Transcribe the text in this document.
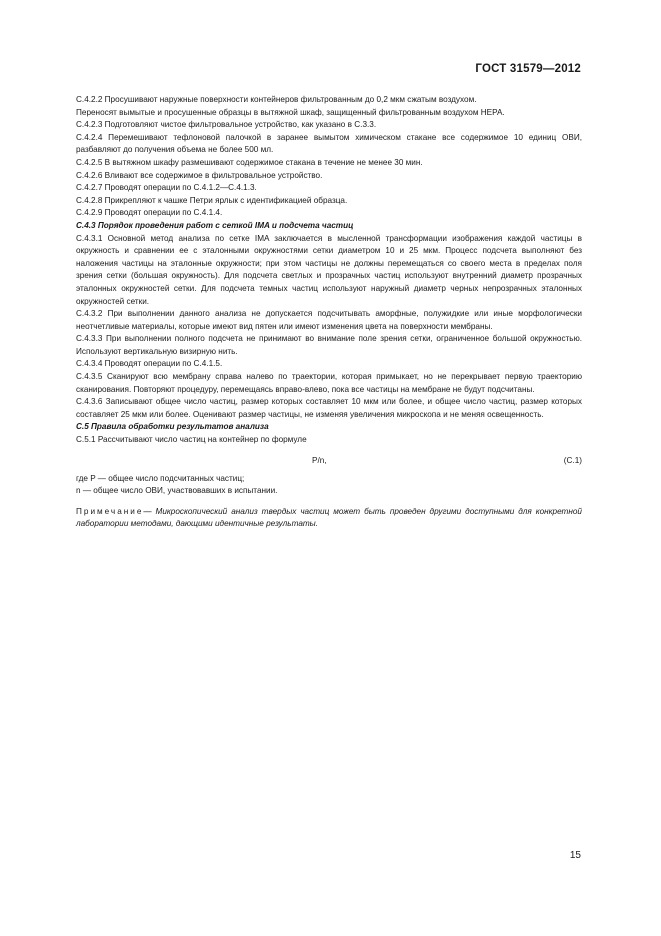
ГОСТ 31579—2012

С.4.2.2 Просушивают наружные поверхности контейнеров фильтрованным до 0,2 мкм сжатым воздухом.

Переносят вымытые и просушенные образцы в вытяжной шкаф, защищенный фильтрованным воздухом HEPA.

С.4.2.3 Подготовляют чистое фильтровальное устройство, как указано в С.3.3.

С.4.2.4 Перемешивают тефлоновой палочкой в заранее вымытом химическом стакане все содержимое 10 единиц ОВИ, разбавляют до получения объема не более 500 мл.

С.4.2.5 В вытяжном шкафу размешивают содержимое стакана в течение не менее 30 мин.

С.4.2.6 Вливают все содержимое в фильтровальное устройство.

С.4.2.7 Проводят операции по С.4.1.2—С.4.1.3.

С.4.2.8 Прикрепляют к чашке Петри ярлык с идентификацией образца.

С.4.2.9 Проводят операции по С.4.1.4.

С.4.3 Порядок проведения работ с сеткой IMA и подсчета частиц

С.4.3.1 Основной метод анализа по сетке IMA заключается в мысленной трансформации изображения каждой частицы в окружность и сравнении ее с эталонными окружностями сетки диаметром 10 и 25 мкм. Процесс подсчета выполняют без наложения частицы на эталонные окружности; при этом частицы не должны перемещаться со своего места в пределах поля зрения сетки (большая окружность). Для подсчета светлых и прозрачных частиц используют внутренний диаметр прозрачных эталонных окружностей сетки. Для подсчета темных частиц используют наружный диаметр черных непрозрачных эталонных окружностей сетки.

С.4.3.2 При выполнении данного анализа не допускается подсчитывать аморфные, полужидкие или иные морфологически неотчетливые материалы, которые имеют вид пятен или имеют изменения цвета на поверхности мембраны.

С.4.3.3 При выполнении полного подсчета не принимают во внимание поле зрения сетки, ограниченное большой окружностью. Используют вертикальную визирную нить.

С.4.3.4 Проводят операции по С.4.1.5.

С.4.3.5 Сканируют всю мембрану справа налево по траектории, которая примыкает, но не перекрывает первую траекторию сканирования. Повторяют процедуру, перемещаясь вправо-влево, пока все частицы на мембране не будут подсчитаны.

С.4.3.6 Записывают общее число частиц, размер которых составляет 10 мкм или более, и общее число частиц, размер которых составляет 25 мкм или более. Оценивают размер частицы, не изменяя увеличения микроскопа и не меняя освещенность.

С.5 Правила обработки результатов анализа

С.5.1 Рассчитывают число частиц на контейнер по формуле

P/n,	(С.1)

где P — общее число подсчитанных частиц;

n — общее число ОВИ, участвовавших в испытании.

Примечание— Микроскопический анализ твердых частиц может быть проведен другими доступными для конкретной лаборатории методами, дающими идентичные результаты.

15
